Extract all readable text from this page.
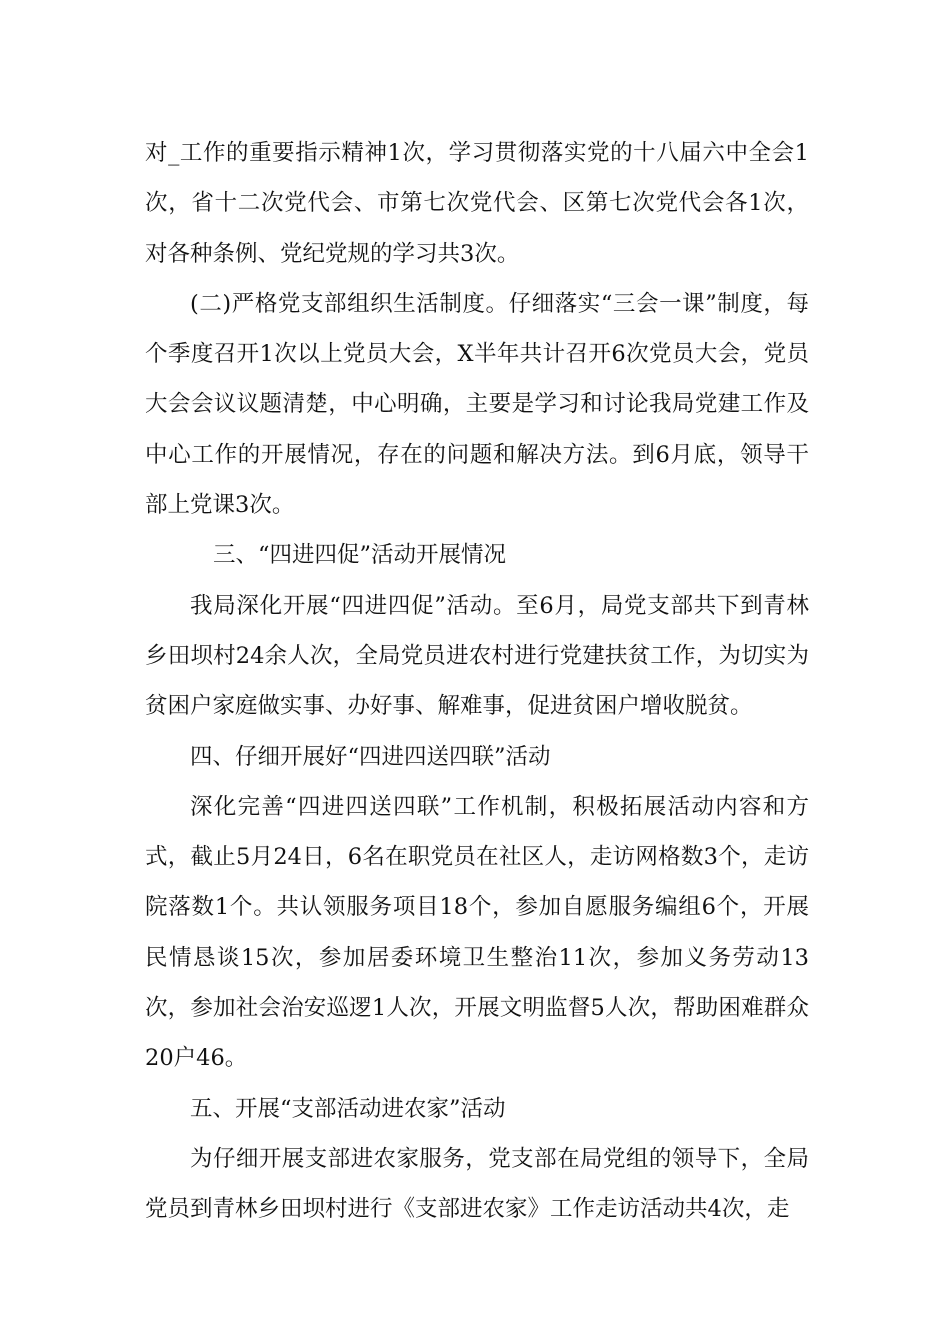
对_工作的重要指示精神1次，学习贯彻落实党的十八届六中全会1次，省十二次党代会、市第七次党代会、区第七次党代会各1次，对各种条例、党纪党规的学习共3次。

(二)严格党支部组织生活制度。仔细落实“三会一课”制度，每个季度召开1次以上党员大会，X半年共计召开6次党员大会，党员大会会议议题清楚，中心明确，主要是学习和讨论我局党建工作及中心工作的开展情况，存在的问题和解决方法。到6月底，领导干部上党课3次。

三、“四进四促”活动开展情况

我局深化开展“四进四促”活动。至6月，局党支部共下到青林乡田坝村24余人次，全局党员进农村进行党建扶贫工作，为切实为贫困户家庭做实事、办好事、解难事，促进贫困户增收脱贫。

四、仔细开展好“四进四送四联”活动

深化完善“四进四送四联”工作机制，积极拓展活动内容和方式，截止5月24日，6名在职党员在社区人，走访网格数3个，走访院落数1个。共认领服务项目18个，参加自愿服务编组6个，开展民情恳谈15次，参加居委环境卫生整治11次，参加义务劳动13次，参加社会治安巡逻1人次，开展文明监督5人次，帮助困难群众20户46。

五、开展“支部活动进农家”活动

为仔细开展支部进农家服务，党支部在局党组的领导下，全局党员到青林乡田坝村进行《支部进农家》工作走访活动共4次，走
